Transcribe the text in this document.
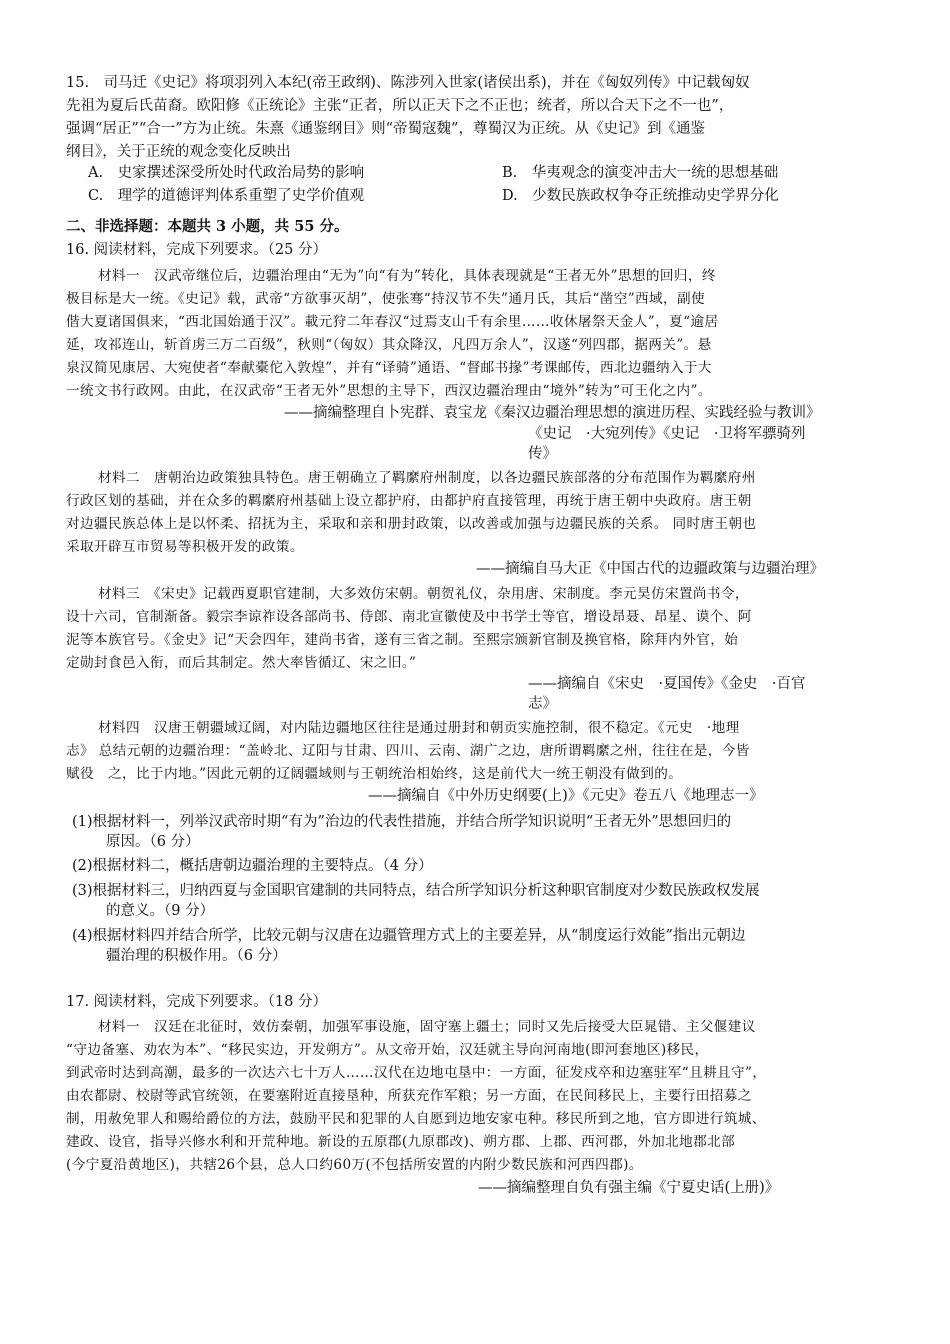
15.　司马迁《史记》将项羽列入本纪(帝王政纲)、陈涉列入世家(诸侯出系)，并在《匈奴列传》中记载匈奴
先祖为夏后氏苗裔。欧阳修《正统论》主张“正者，所以正天下之不正也；统者，所以合天下之不一也”，
强调“居正”“合一”方为止统。朱熹《通鉴纲目》则“帝蜀寇魏”，尊蜀汉为正统。从《史记》到《通鉴
纲目》，关于正统的观念变化反映出
A.　史家撰述深受所处时代政治局势的影响	B.　华夷观念的演变冲击大一统的思想基础
C.　理学的道德评判体系重塑了史学价值观	D.　少数民族政权争夺正统推动史学界分化
二、非选择题：本题共 3 小题，共 55 分。
16. 阅读材料，完成下列要求。（25 分）
材料一　汉武帝继位后，边疆治理由“无为”向“有为”转化，具体表现就是“王者无外”思想的回归，终
极目标是大一统。《史记》载，武帝“方欲事灭胡”，使张骞“持汉节不失”通月氏，其后“凿空”西域，副使
偕大夏诸国俱来，“西北国始通于汉”。載元狩二年春汉“过焉支山千有余里……收休屠祭天金人”，夏“逾居
延，攻祁连山，斩首虏三万二百级”，秋则“（匈奴）其众降汉，凡四万余人”，汉遂“列四郡，据两关”。悬
泉汉简见康居、大宛使者“奉献橐佗入敦煌”，并有“译骑”通语、“督邮书掾”考课邮传，西北边疆纳入于大
一统文书行政网。由此，在汉武帝“王者无外”思想的主导下，西汉边疆治理由“境外”转为“可王化之内”。
——摘编整理自卜宪群、袁宝龙《秦汉边疆治理思想的演进历程、实践经验与教训》
《史记　·大宛列传》《史记　·卫将军骠骑列
传》
材料二　唐朝治边政策独具特色。唐王朝确立了羁縻府州制度，以各边疆民族部落的分布范围作为羁縻府州
行政区划的基础，并在众多的羁縻府州基础上设立都护府，由都护府直接管理，再统于唐王朝中央政府。唐王朝
对边疆民族总体上是以怀柔、招抚为主，采取和亲和册封政策，以改善或加强与边疆民族的关系。 同时唐王朝也
采取开辟互市贸易等积极开发的政策。
——摘编自马大正《中国古代的边疆政策与边疆治理》
材料三　《宋史》记载西夏职官建制，大多效仿宋朝。朝贺礼仪，杂用唐、宋制度。李元昊仿宋置尚书令，
设十六司，官制渐备。毅宗李谅祚设各部尚书、侍郎、南北宣徽使及中书学士等官，增设昂聂、昂星、谟个、阿
泥等本族官号。《金史》记“天会四年，建尚书省，遂有三省之制。至熙宗颁新官制及换官格，除拜内外官，始
定勋封食邑入衔，而后其制定。然大率皆循辽、宋之旧。”
——摘编自《宋史　·夏国传》《金史　·百官
志》
材料四　汉唐王朝疆域辽阔，对内陆边疆地区往往是通过册封和朝贡实施控制，很不稳定。《元史　·地理
志》 总结元朝的边疆治理：“盖岭北、辽阳与甘肃、四川、云南、湖广之边，唐所谓羁縻之州，往往在是，今皆
赋役　之，比于内地。”因此元朝的辽阔疆域则与王朝统治相始终，这是前代大一统王朝没有做到的。
——摘编自《中外历史纲要(上)》《元史》卷五八《地理志一》
(1)根据材料一，列举汉武帝时期“有为”治边的代表性措施，并结合所学知识说明“王者无外”思想回归的
原因。（6 分）
(2)根据材料二，概括唐朝边疆治理的主要特点。（4 分）
(3)根据材料三，归纳西夏与金国职官建制的共同特点，结合所学知识分析这种职官制度对少数民族政权发展
的意义。（9 分）
(4)根据材料四并结合所学，比较元朝与汉唐在边疆管理方式上的主要差异，从“制度运行效能”指出元朝边
疆治理的积极作用。（6 分）
17. 阅读材料，完成下列要求。（18 分）
材料一　汉廷在北征时，效仿秦朝，加强军事设施，固守塞上疆土；同时又先后接受大臣晁错、主父偃建议
“守边备塞、劝农为本”、“移民实边，开发朔方”。从文帝开始，汉廷就主导向河南地(即河套地区)移民，
到武帝时达到高潮，最多的一次达六七十万人……汉代在边地屯垦中：一方面，征发戍卒和边塞驻军“且耕且守”，
由农都尉、校尉等武官统领，在要塞附近直接垦种，所获充作军粮；另一方面，在民间移民上，主要行田招募之
制，用赦免罪人和赐给爵位的方法，鼓励平民和犯罪的人自愿到边地安家屯种。移民所到之地，官方即进行筑城、
建政、设官，指导兴修水利和开荒种地。新设的五原郡(九原郡改)、朔方郡、上郡、西河郡，外加北地郡北部
(今宁夏沿黄地区)，共辖26个县，总人口约60万(不包括所安置的内附少数民族和河西四郡)。
——摘编整理自负有强主编《宁夏史话(上册)》
